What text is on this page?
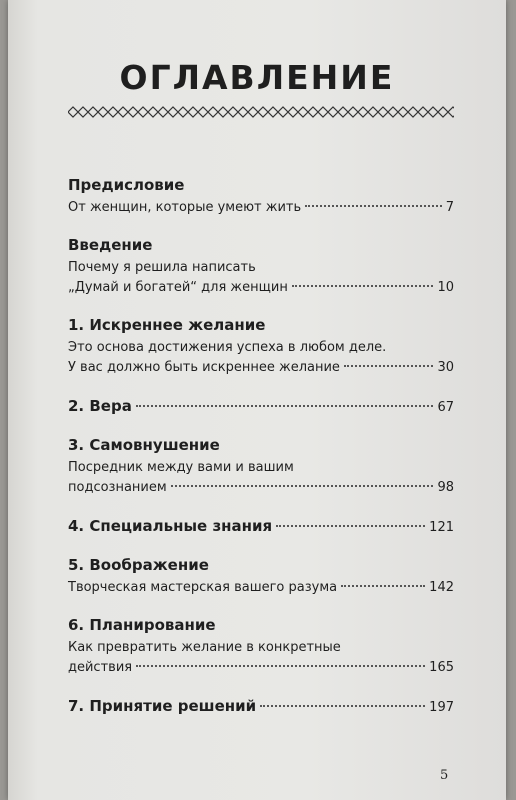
ОГЛАВЛЕНИЕ
Предисловие
От женщин, которые умеют жить	7
Введение
Почему я решила написать
„Думай и богатей“ для женщин	10
1. Искреннее желание
Это основа достижения успеха в любом деле.
У вас должно быть искреннее желание	30
2. Вера	67
3. Самовнушение
Посредник между вами и вашим
подсознанием	98
4. Специальные знания	121
5. Воображение
Творческая мастерская вашего разума	142
6. Планирование
Как превратить желание в конкретные
действия	165
7. Принятие решений	197
5
